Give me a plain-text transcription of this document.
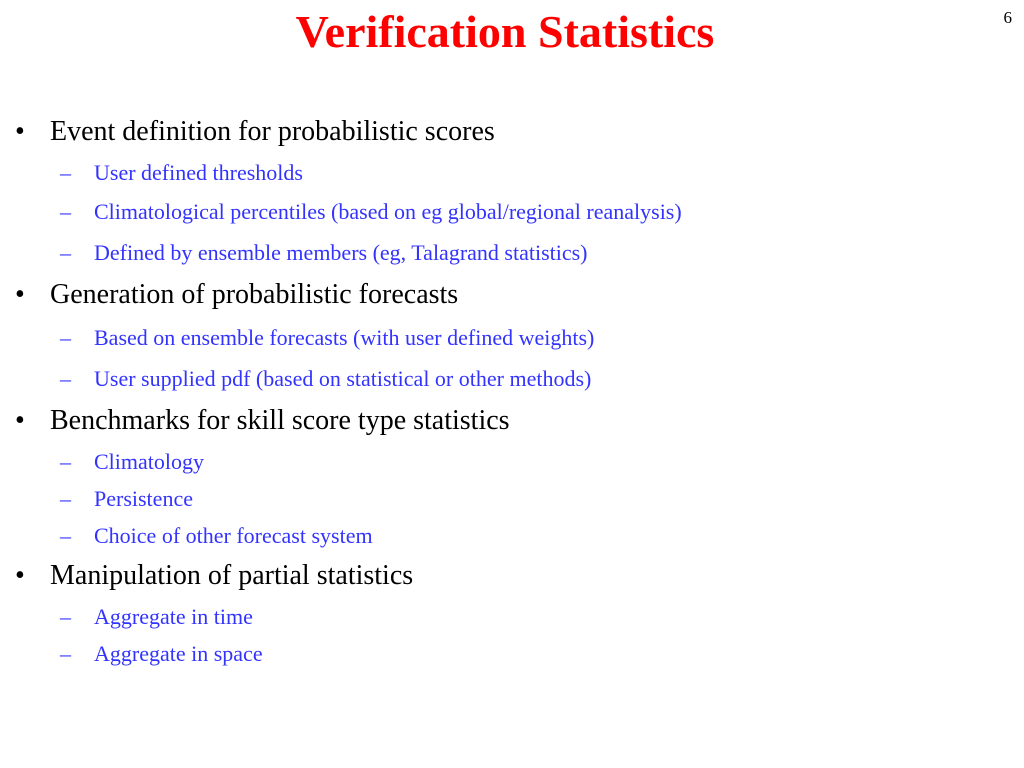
Verification Statistics	6
• Event definition for probabilistic scores
– User defined thresholds
– Climatological percentiles (based on eg global/regional reanalysis)
– Defined by ensemble members (eg, Talagrand statistics)
• Generation of probabilistic forecasts
– Based on ensemble forecasts (with user defined weights)
– User supplied pdf (based on statistical or other methods)
• Benchmarks for skill score type statistics
– Climatology
– Persistence
– Choice of other forecast system
• Manipulation of partial statistics
– Aggregate in time
– Aggregate in space
